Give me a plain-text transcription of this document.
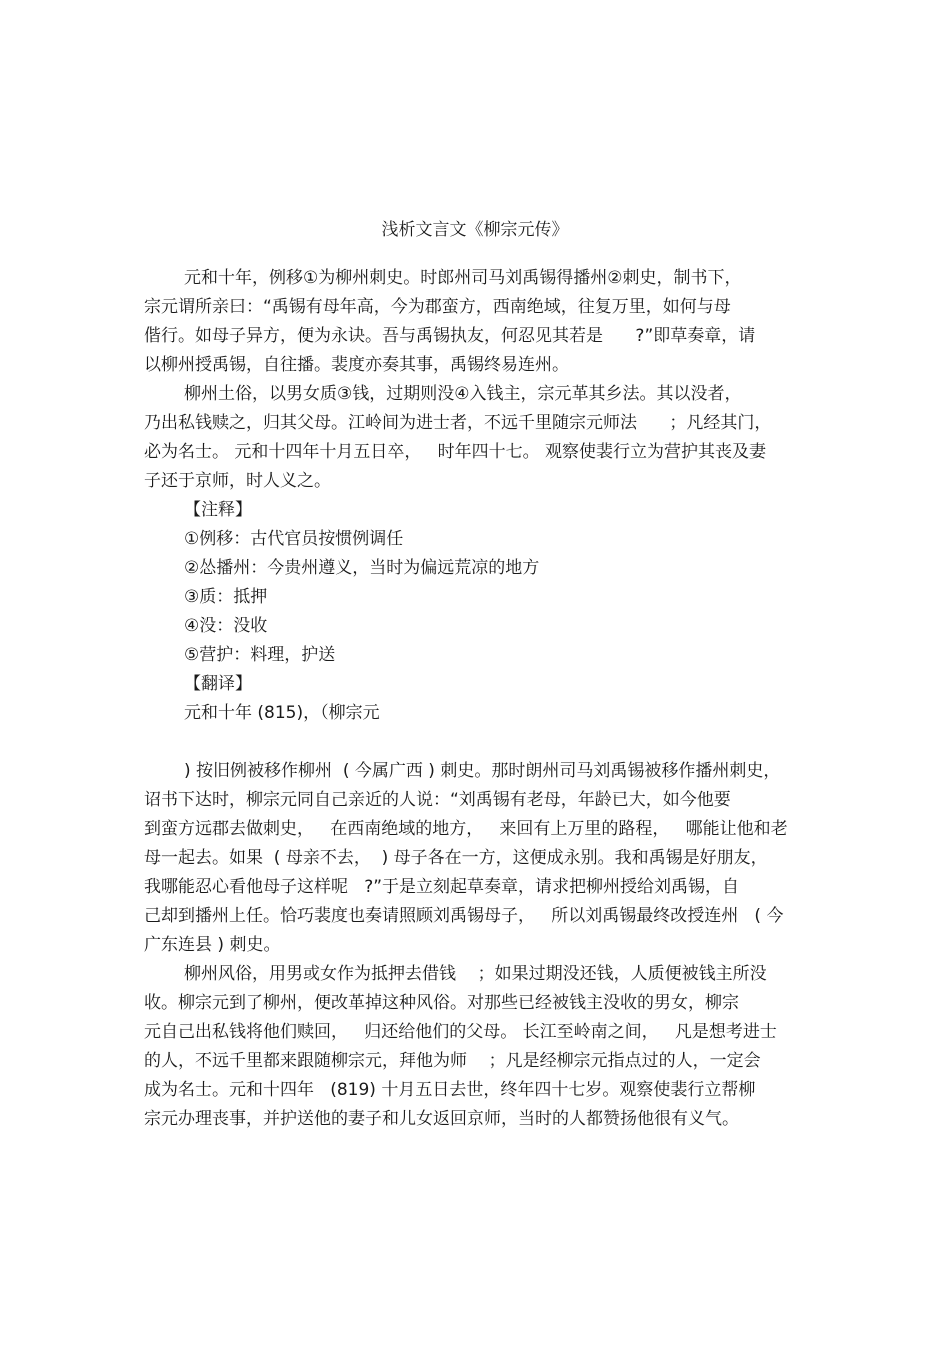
浅析文言文《柳宗元传》
元和十年，例移①为柳州刺史。时郎州司马刘禹锡得播州②刺史，制书下，
宗元谓所亲曰：“禹锡有母年高，今为郡蛮方，西南绝域，往复万里，如何与母
偕行。如母子异方，便为永诀。吾与禹锡执友，何忍见其若是      ?”即草奏章，请
以柳州授禹锡，自往播。裴度亦奏其事，禹锡终易连州。
柳州土俗，以男女质③钱，过期则没④入钱主，宗元革其乡法。其以没者，
乃出私钱赎之，归其父母。江岭间为进士者，不远千里随宗元师法      ；凡经其门，
必为名士。 元和十四年十月五日卒，   时年四十七。 观察使裴行立为营护其丧及妻
子还于京师，时人义之。
【注释】
①例移：古代官员按惯例调任
②怂播州：今贵州遵义，当时为偏远荒凉的地方
③质：抵押
④没：没收
⑤营护：料理，护送
【翻译】
元和十年 (815)，（柳宗元
) 按旧例被移作柳州  ( 今属广西 ) 刺史。那时朗州司马刘禹锡被移作播州刺史，
诏书下达时，柳宗元同自己亲近的人说：“刘禹锡有老母，年龄已大，如今他要
到蛮方远郡去做刺史，   在西南绝域的地方，   来回有上万里的路程，   哪能让他和老
母一起去。如果  ( 母亲不去，  ) 母子各在一方，这便成永别。我和禹锡是好朋友，
我哪能忍心看他母子这样呢   ?”于是立刻起草奏章，请求把柳州授给刘禹锡，自
己却到播州上任。恰巧裴度也奏请照顾刘禹锡母子，   所以刘禹锡最终改授连州   ( 今
广东连县 ) 刺史。
柳州风俗，用男或女作为抵押去借钱    ；如果过期没还钱，人质便被钱主所没
收。柳宗元到了柳州，便改革掉这种风俗。对那些已经被钱主没收的男女，柳宗
元自己出私钱将他们赎回，   归还给他们的父母。 长江至岭南之间，   凡是想考进士
的人，不远千里都来跟随柳宗元，拜他为师    ；凡是经柳宗元指点过的人，一定会
成为名士。元和十四年   (819) 十月五日去世，终年四十七岁。观察使裴行立帮柳
宗元办理丧事，并护送他的妻子和儿女返回京师，当时的人都赞扬他很有义气。
